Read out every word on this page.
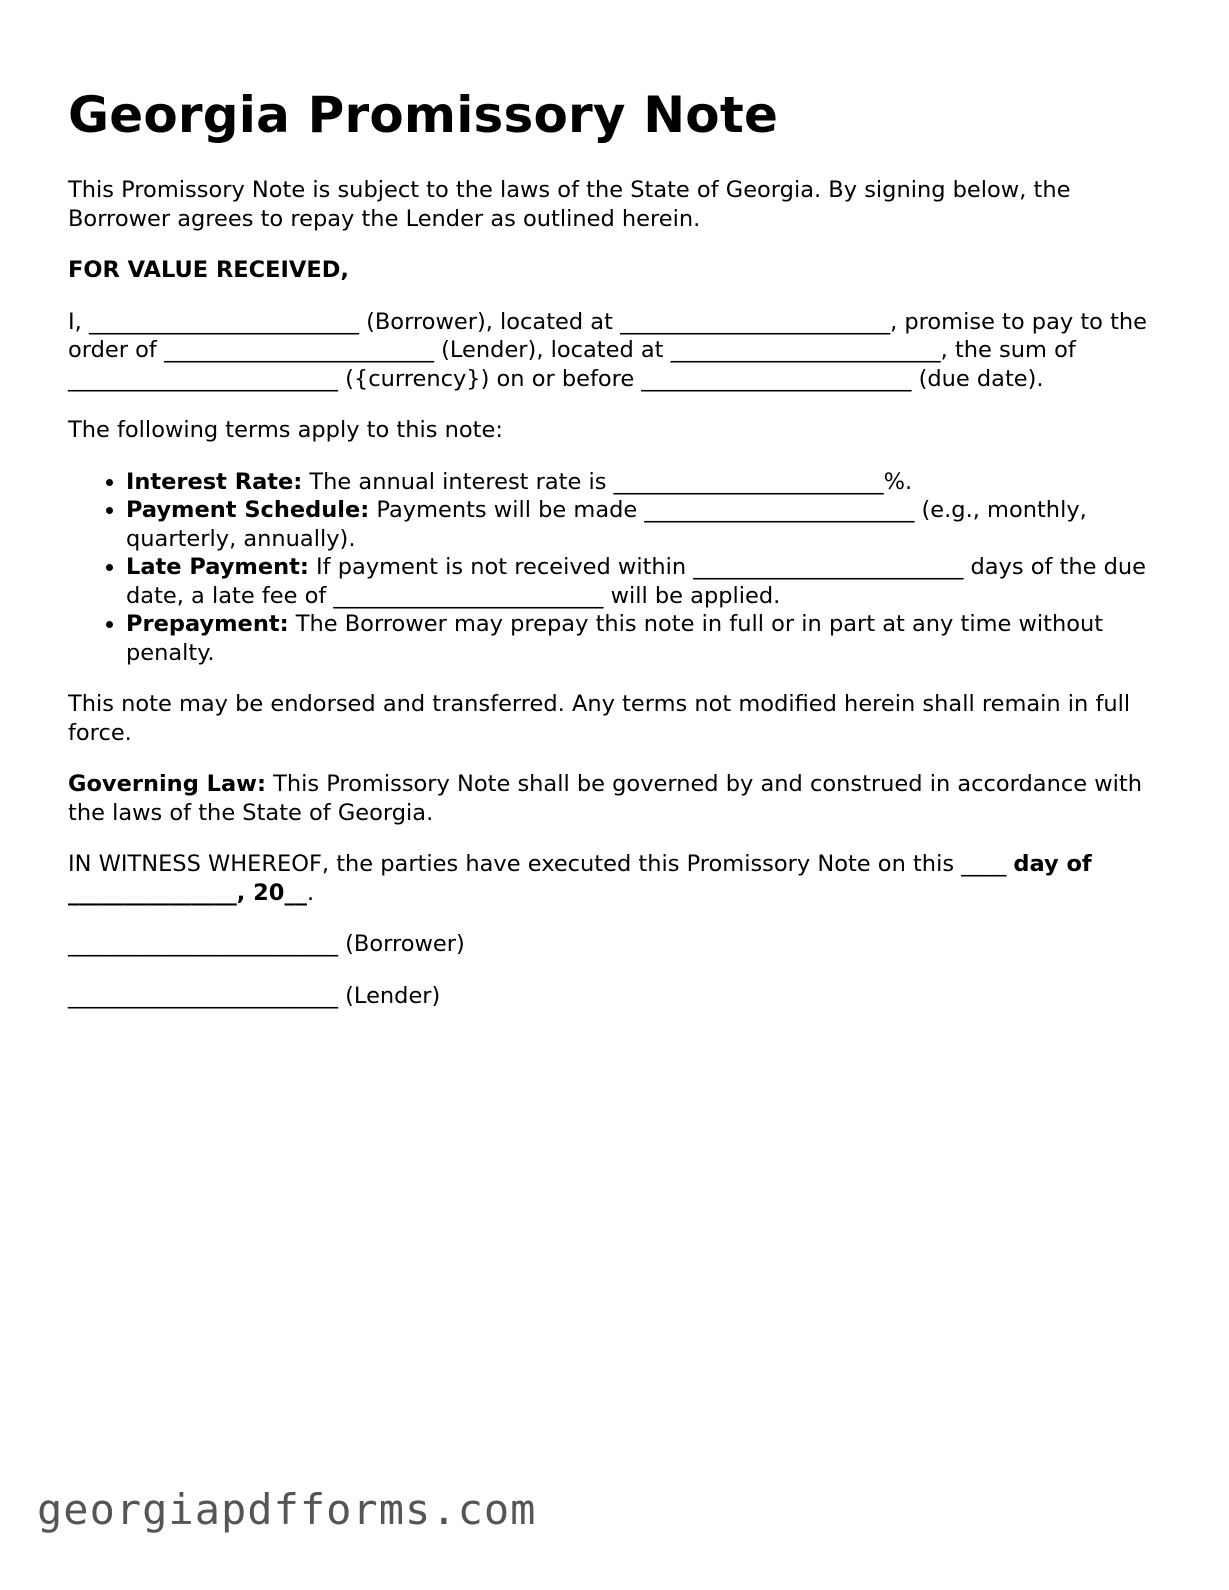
Georgia Promissory Note

This Promissory Note is subject to the laws of the State of Georgia. By signing below, the Borrower agrees to repay the Lender as outlined herein.

FOR VALUE RECEIVED,

I, ________________________ (Borrower), located at ________________________, promise to pay to the order of ________________________ (Lender), located at ________________________, the sum of ________________________ ({currency}) on or before ________________________ (due date).

The following terms apply to this note:

• Interest Rate: The annual interest rate is ________________________%.
• Payment Schedule: Payments will be made ________________________ (e.g., monthly, quarterly, annually).
• Late Payment: If payment is not received within ________________________ days of the due date, a late fee of ________________________ will be applied.
• Prepayment: The Borrower may prepay this note in full or in part at any time without penalty.

This note may be endorsed and transferred. Any terms not modified herein shall remain in full force.

Governing Law: This Promissory Note shall be governed by and construed in accordance with the laws of the State of Georgia.

IN WITNESS WHEREOF, the parties have executed this Promissory Note on this ____ day of _______________, 20__.

________________________ (Borrower)

________________________ (Lender)

georgiapdfforms.com
